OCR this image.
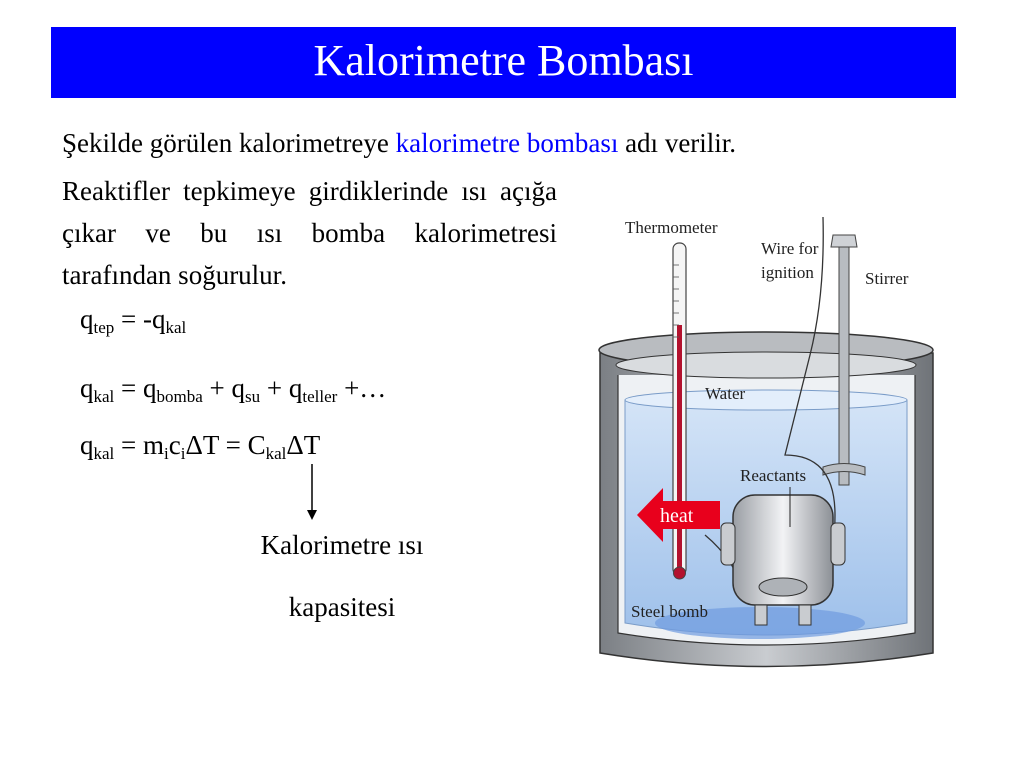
Kalorimetre Bombası
Şekilde görülen kalorimetreye kalorimetre bombası adı verilir.
Reaktifler tepkimeye girdiklerinde ısı açığa çıkar ve bu ısı bomba kalorimetresi tarafından soğurulur.
$q_{tep} = -q_{kal}$
$q_{kal} = q_{bomba} + q_{su} + q_{teller}$ +…
$q_{kal} = m_ic_i\Delta T = C_{kal}\Delta T$
Kalorimetre ısı
kapasitesi
Thermometer
Wire for
ignition	Stirrer
Water
Reactants
heat
Steel bomb
